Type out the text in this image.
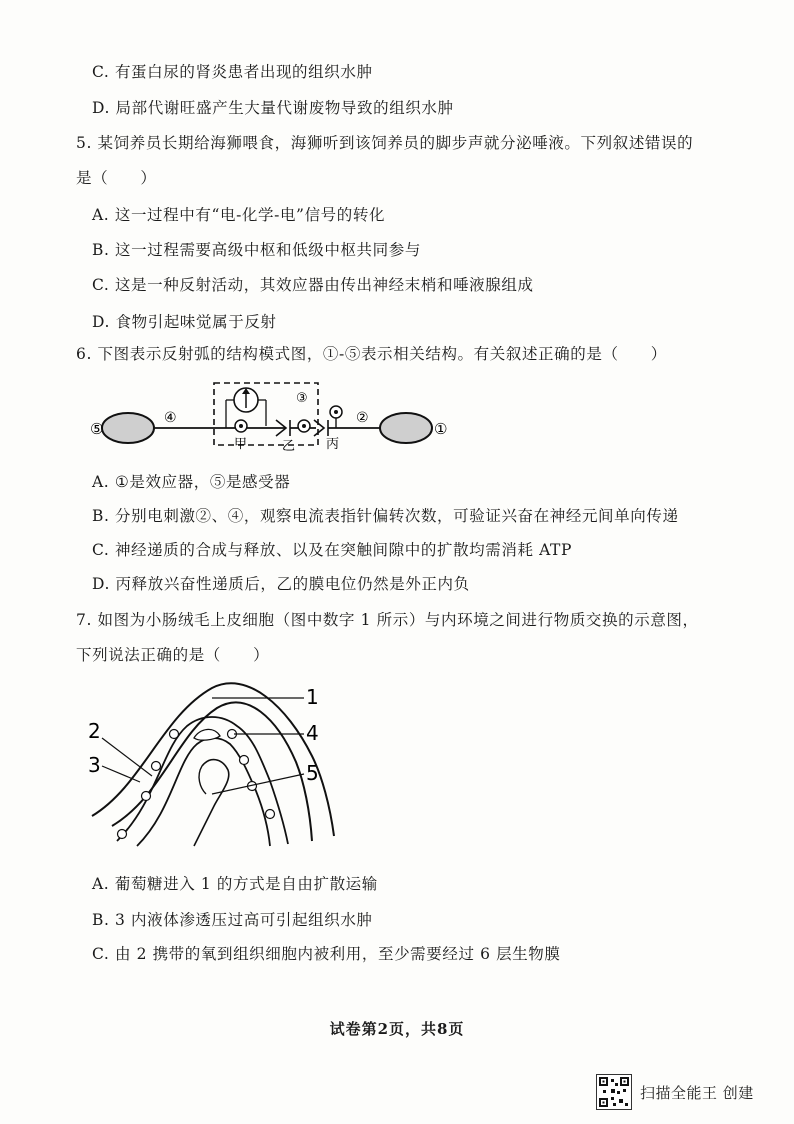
C. 有蛋白尿的肾炎患者出现的组织水肿
D. 局部代谢旺盛产生大量代谢废物导致的组织水肿
5. 某饲养员长期给海狮喂食，海狮听到该饲养员的脚步声就分泌唾液。下列叙述错误的
是（　　）
A. 这一过程中有“电-化学-电”信号的转化
B. 这一过程需要高级中枢和低级中枢共同参与
C. 这是一种反射活动，其效应器由传出神经末梢和唾液腺组成
D. 食物引起味觉属于反射
6. 下图表示反射弧的结构模式图，①-⑤表示相关结构。有关叙述正确的是（　　）
⑤
④
甲
③
乙 丙
②
①
A. ①是效应器，⑤是感受器
B. 分别电刺激②、④，观察电流表指针偏转次数，可验证兴奋在神经元间单向传递
C. 神经递质的合成与释放、以及在突触间隙中的扩散均需消耗 ATP
D. 丙释放兴奋性递质后，乙的膜电位仍然是外正内负
7. 如图为小肠绒毛上皮细胞（图中数字 1 所示）与内环境之间进行物质交换的示意图，
下列说法正确的是（　　）
1
4
2
3	5
A. 葡萄糖进入 1 的方式是自由扩散运输
B. 3 内液体渗透压过高可引起组织水肿
C. 由 2 携带的氧到组织细胞内被利用，至少需要经过 6 层生物膜
试卷第2页，共8页
扫描全能王 创建
